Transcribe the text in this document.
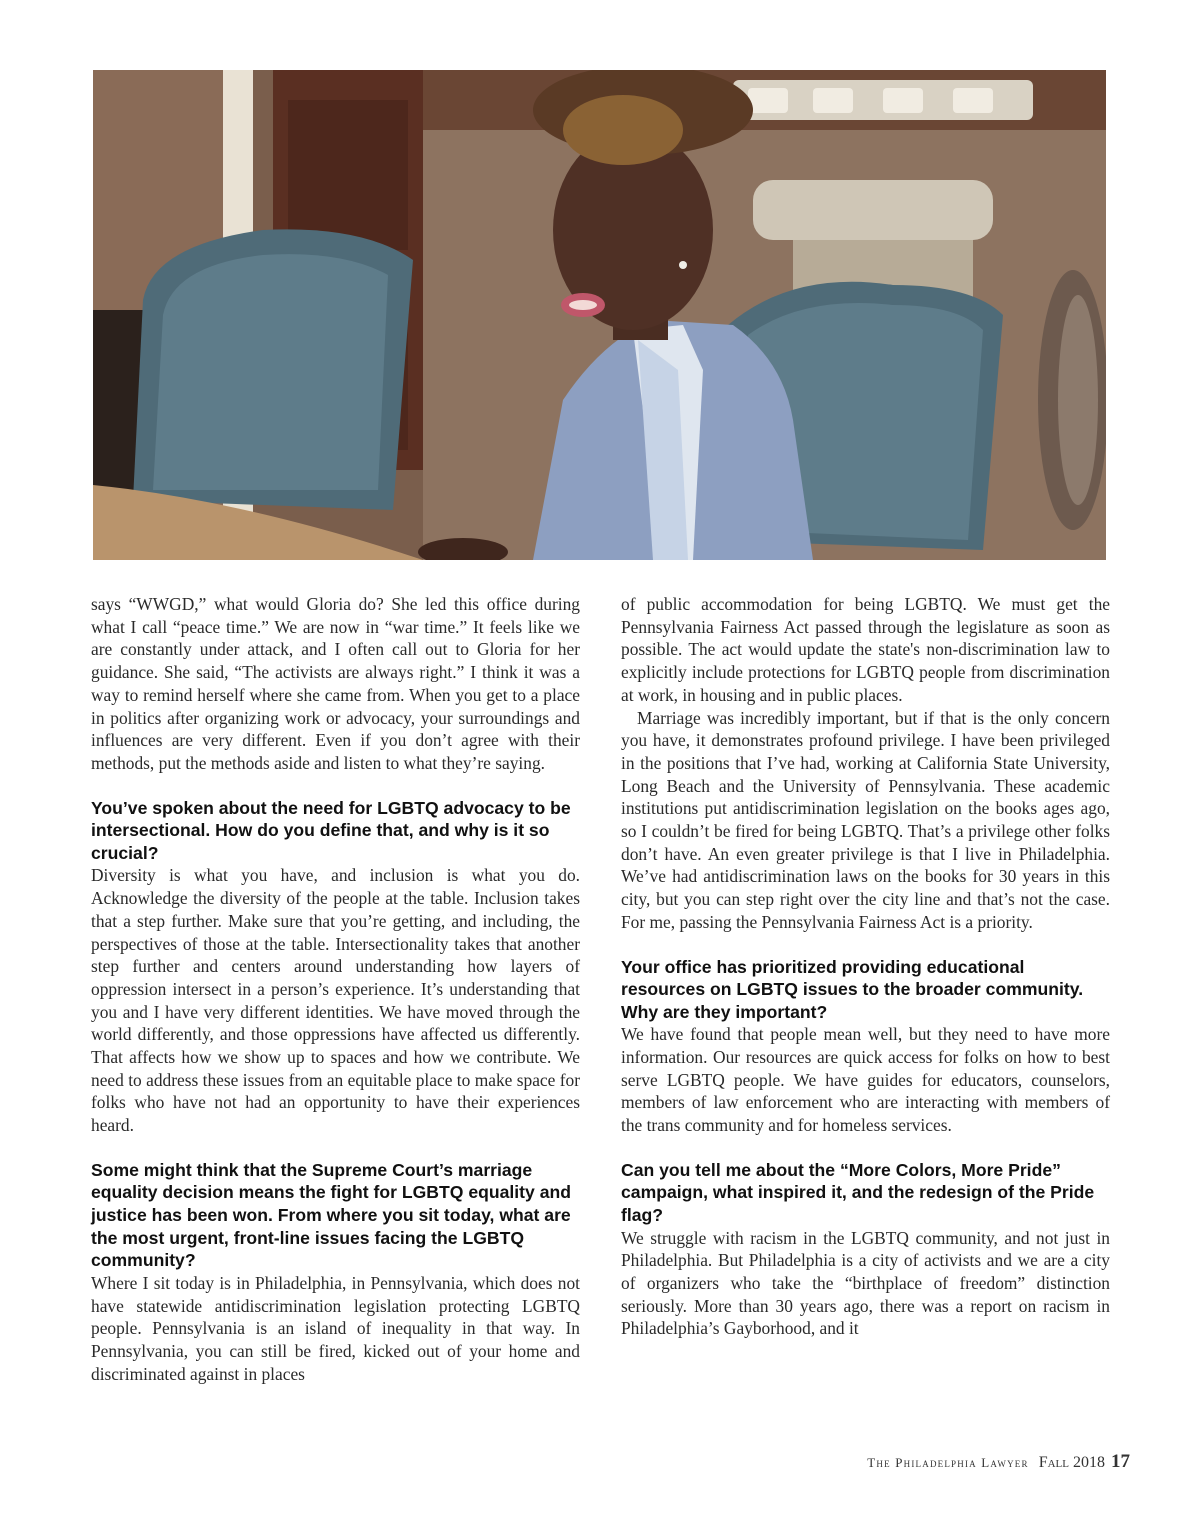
says “WWGD,” what would Gloria do? She led this office during what I call “peace time.” We are now in “war time.” It feels like we are constantly under attack, and I often call out to Gloria for her guidance. She said, “The activists are always right.” I think it was a way to remind herself where she came from. When you get to a place in politics after organizing work or advocacy, your surroundings and influences are very different. Even if you don’t agree with their methods, put the methods aside and listen to what they’re saying.

You’ve spoken about the need for LGBTQ advocacy to be intersectional. How do you define that, and why is it so crucial?

Diversity is what you have, and inclusion is what you do. Acknowledge the diversity of the people at the table. Inclusion takes that a step further. Make sure that you’re getting, and including, the perspectives of those at the table. Intersectionality takes that another step further and centers around understanding how layers of oppression intersect in a person’s experience. It’s understanding that you and I have very different identities. We have moved through the world differently, and those oppressions have affected us differently. That affects how we show up to spaces and how we contribute. We need to address these issues from an equitable place to make space for folks who have not had an opportunity to have their experiences heard.

Some might think that the Supreme Court’s marriage equality decision means the fight for LGBTQ equality and justice has been won. From where you sit today, what are the most urgent, front-line issues facing the LGBTQ community?

Where I sit today is in Philadelphia, in Pennsylvania, which does not have statewide antidiscrimination legislation protecting LGBTQ people. Pennsylvania is an island of inequality in that way. In Pennsylvania, you can still be fired, kicked out of your home and discriminated against in places

of public accommodation for being LGBTQ. We must get the Pennsylvania Fairness Act passed through the legislature as soon as possible. The act would update the state's non-discrimination law to explicitly include protections for LGBTQ people from discrimination at work, in housing and in public places.

Marriage was incredibly important, but if that is the only concern you have, it demonstrates profound privilege. I have been privileged in the positions that I’ve had, working at California State University, Long Beach and the University of Pennsylvania. These academic institutions put antidiscrimination legislation on the books ages ago, so I couldn’t be fired for being LGBTQ. That’s a privilege other folks don’t have. An even greater privilege is that I live in Philadelphia. We’ve had antidiscrimination laws on the books for 30 years in this city, but you can step right over the city line and that’s not the case. For me, passing the Pennsylvania Fairness Act is a priority.

Your office has prioritized providing educational resources on LGBTQ issues to the broader community. Why are they important?

We have found that people mean well, but they need to have more information. Our resources are quick access for folks on how to best serve LGBTQ people. We have guides for educators, counselors, members of law enforcement who are interacting with members of the trans community and for homeless services.

Can you tell me about the “More Colors, More Pride” campaign, what inspired it, and the redesign of the Pride flag?

We struggle with racism in the LGBTQ community, and not just in Philadelphia. But Philadelphia is a city of activists and we are a city of organizers who take the “birthplace of freedom” distinction seriously. More than 30 years ago, there was a report on racism in Philadelphia’s Gayborhood, and it

The Philadelphia Lawyer Fall 2018 17
